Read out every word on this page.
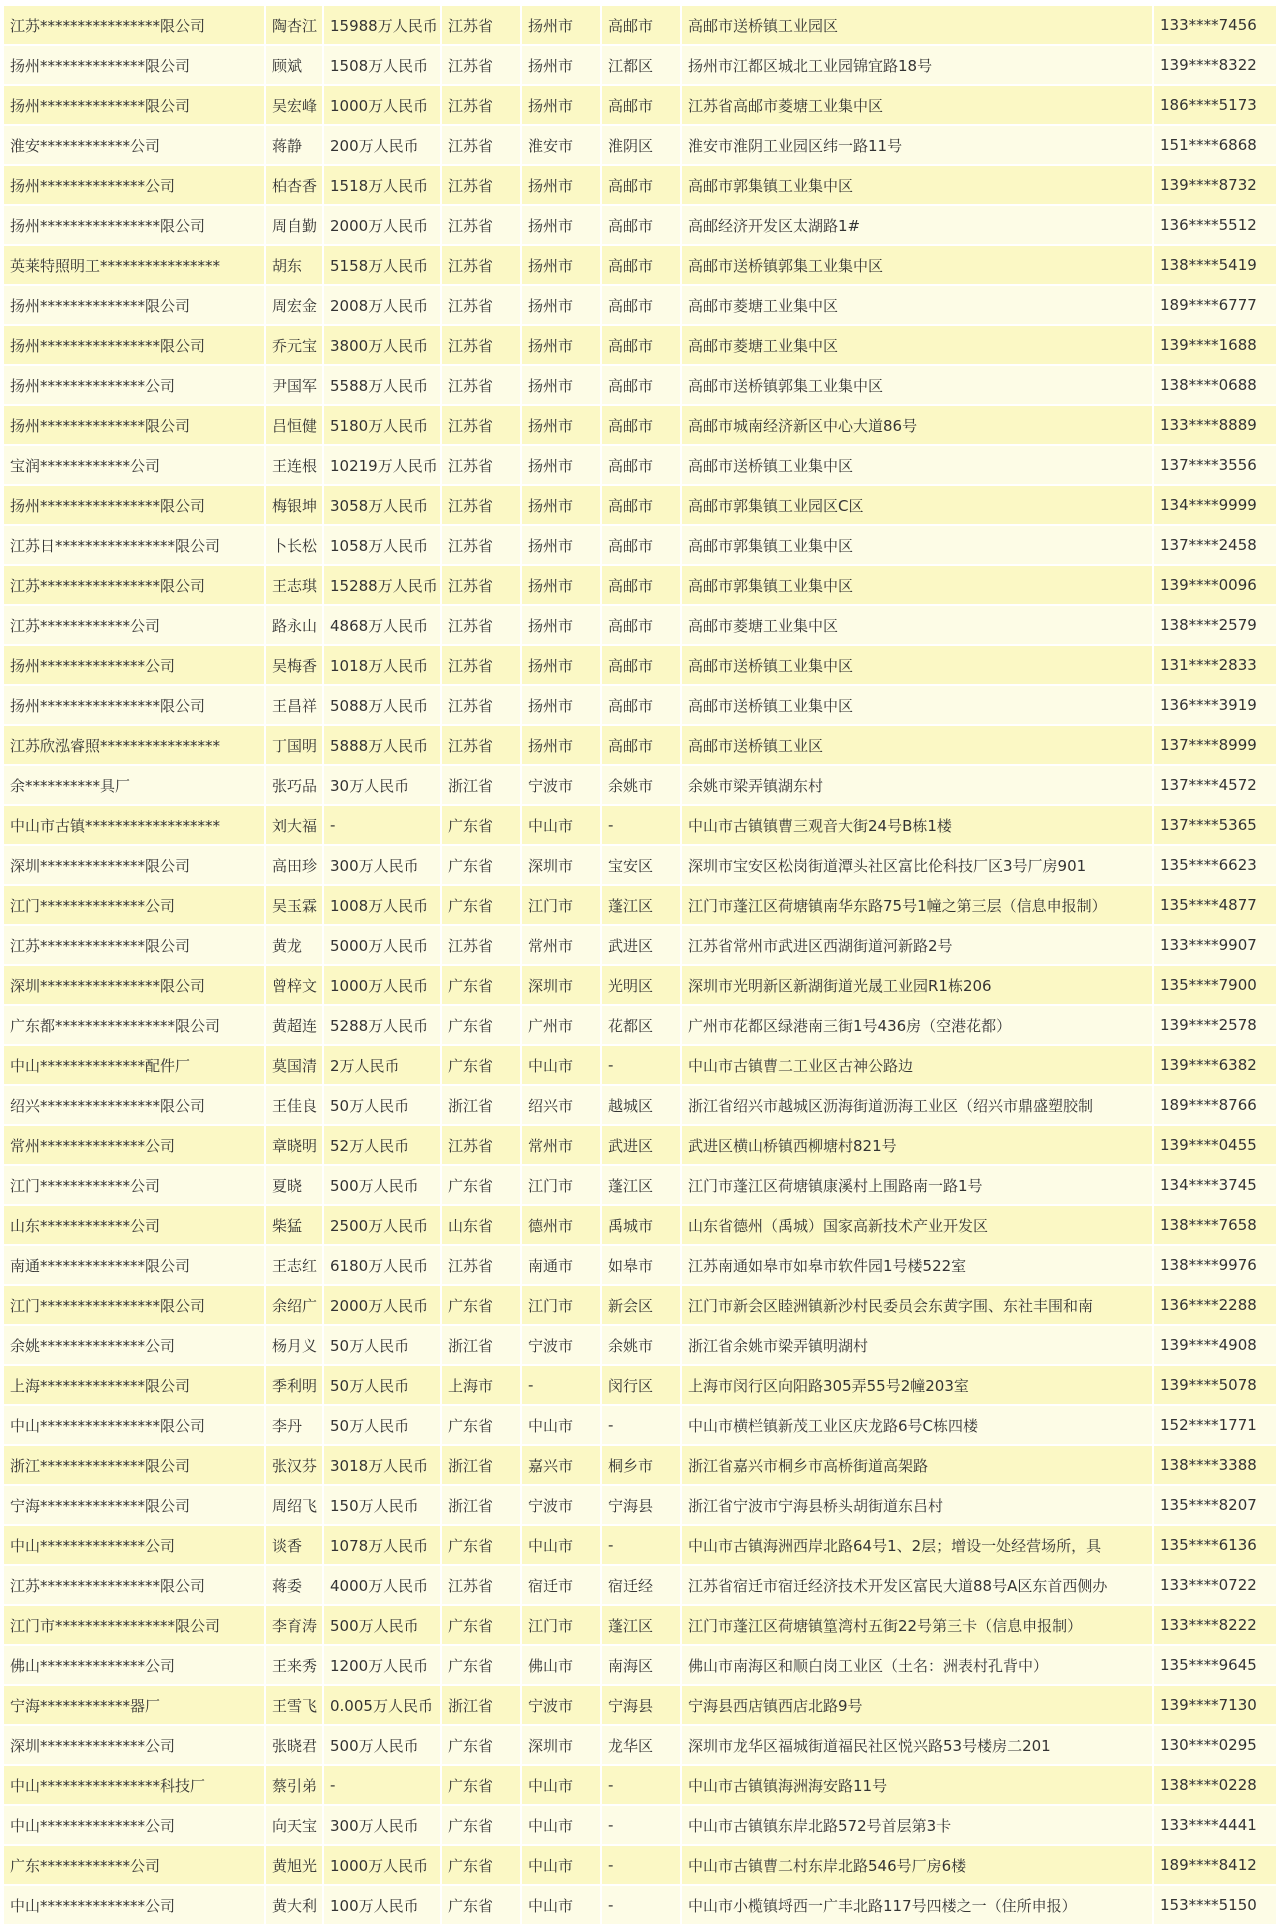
江苏****************限公司	陶杏江	15988万人民币	江苏省	扬州市	高邮市	高邮市送桥镇工业园区	133****7456
扬州**************限公司	顾斌	1508万人民币	江苏省	扬州市	江都区	扬州市江都区城北工业园锦宜路18号	139****8322
扬州**************限公司	吴宏峰	1000万人民币	江苏省	扬州市	高邮市	江苏省高邮市菱塘工业集中区	186****5173
淮安************公司	蒋静	200万人民币	江苏省	淮安市	淮阴区	淮安市淮阴工业园区纬一路11号	151****6868
扬州**************公司	柏杏香	1518万人民币	江苏省	扬州市	高邮市	高邮市郭集镇工业集中区	139****8732
扬州****************限公司	周自勤	2000万人民币	江苏省	扬州市	高邮市	高邮经济开发区太湖路1#	136****5512
英莱特照明工****************	胡东	5158万人民币	江苏省	扬州市	高邮市	高邮市送桥镇郭集工业集中区	138****5419
扬州**************限公司	周宏金	2008万人民币	江苏省	扬州市	高邮市	高邮市菱塘工业集中区	189****6777
扬州****************限公司	乔元宝	3800万人民币	江苏省	扬州市	高邮市	高邮市菱塘工业集中区	139****1688
扬州**************公司	尹国军	5588万人民币	江苏省	扬州市	高邮市	高邮市送桥镇郭集工业集中区	138****0688
扬州**************限公司	吕恒健	5180万人民币	江苏省	扬州市	高邮市	高邮市城南经济新区中心大道86号	133****8889
宝润************公司	王连根	10219万人民币	江苏省	扬州市	高邮市	高邮市送桥镇工业集中区	137****3556
扬州****************限公司	梅银坤	3058万人民币	江苏省	扬州市	高邮市	高邮市郭集镇工业园区C区	134****9999
江苏日****************限公司	卜长松	1058万人民币	江苏省	扬州市	高邮市	高邮市郭集镇工业集中区	137****2458
江苏****************限公司	王志琪	15288万人民币	江苏省	扬州市	高邮市	高邮市郭集镇工业集中区	139****0096
江苏************公司	路永山	4868万人民币	江苏省	扬州市	高邮市	高邮市菱塘工业集中区	138****2579
扬州**************公司	吴梅香	1018万人民币	江苏省	扬州市	高邮市	高邮市送桥镇工业集中区	131****2833
扬州****************限公司	王昌祥	5088万人民币	江苏省	扬州市	高邮市	高邮市送桥镇工业集中区	136****3919
江苏欣泓睿照****************	丁国明	5888万人民币	江苏省	扬州市	高邮市	高邮市送桥镇工业区	137****8999
余**********具厂	张巧品	30万人民币	浙江省	宁波市	余姚市	余姚市梁弄镇湖东村	137****4572
中山市古镇******************	刘大福	-	广东省	中山市	-	中山市古镇镇曹三观音大街24号B栋1楼	137****5365
深圳**************限公司	高田珍	300万人民币	广东省	深圳市	宝安区	深圳市宝安区松岗街道潭头社区富比伦科技厂区3号厂房901	135****6623
江门**************公司	吴玉霖	1008万人民币	广东省	江门市	蓬江区	江门市蓬江区荷塘镇南华东路75号1幢之第三层（信息申报制）	135****4877
江苏**************限公司	黄龙	5000万人民币	江苏省	常州市	武进区	江苏省常州市武进区西湖街道河新路2号	133****9907
深圳****************限公司	曾梓文	1000万人民币	广东省	深圳市	光明区	深圳市光明新区新湖街道光晟工业园R1栋206	135****7900
广东都****************限公司	黄超连	5288万人民币	广东省	广州市	花都区	广州市花都区绿港南三街1号436房（空港花都）	139****2578
中山**************配件厂	莫国清	2万人民币	广东省	中山市	-	中山市古镇曹二工业区古神公路边	139****6382
绍兴****************限公司	王佳良	50万人民币	浙江省	绍兴市	越城区	浙江省绍兴市越城区沥海街道沥海工业区（绍兴市鼎盛塑胶制	189****8766
常州**************公司	章晓明	52万人民币	江苏省	常州市	武进区	武进区横山桥镇西柳塘村821号	139****0455
江门************公司	夏晓	500万人民币	广东省	江门市	蓬江区	江门市蓬江区荷塘镇康溪村上围路南一路1号	134****3745
山东************公司	柴猛	2500万人民币	山东省	德州市	禹城市	山东省德州（禹城）国家高新技术产业开发区	138****7658
南通**************限公司	王志红	6180万人民币	江苏省	南通市	如皋市	江苏南通如皋市如皋市软件园1号楼522室	138****9976
江门****************限公司	余绍广	2000万人民币	广东省	江门市	新会区	江门市新会区睦洲镇新沙村民委员会东黄字围、东社丰围和南	136****2288
余姚**************公司	杨月义	50万人民币	浙江省	宁波市	余姚市	浙江省余姚市梁弄镇明湖村	139****4908
上海**************限公司	季利明	50万人民币	上海市	-	闵行区	上海市闵行区向阳路305弄55号2幢203室	139****5078
中山****************限公司	李丹	50万人民币	广东省	中山市	-	中山市横栏镇新茂工业区庆龙路6号C栋四楼	152****1771
浙江**************限公司	张汉芬	3018万人民币	浙江省	嘉兴市	桐乡市	浙江省嘉兴市桐乡市高桥街道高架路	138****3388
宁海**************限公司	周绍飞	150万人民币	浙江省	宁波市	宁海县	浙江省宁波市宁海县桥头胡街道东吕村	135****8207
中山**************公司	谈香	1078万人民币	广东省	中山市	-	中山市古镇海洲西岸北路64号1、2层；增设一处经营场所，具	135****6136
江苏****************限公司	蒋委	4000万人民币	江苏省	宿迁市	宿迁经	江苏省宿迁市宿迁经济技术开发区富民大道88号A区东首西侧办	133****0722
江门市****************限公司	李育涛	500万人民币	广东省	江门市	蓬江区	江门市蓬江区荷塘镇篁湾村五街22号第三卡（信息申报制）	133****8222
佛山**************公司	王来秀	1200万人民币	广东省	佛山市	南海区	佛山市南海区和顺白岗工业区（土名：洲表村孔背中）	135****9645
宁海************器厂	王雪飞	0.005万人民币	浙江省	宁波市	宁海县	宁海县西店镇西店北路9号	139****7130
深圳**************公司	张晓君	500万人民币	广东省	深圳市	龙华区	深圳市龙华区福城街道福民社区悦兴路53号楼房二201	130****0295
中山****************科技厂	蔡引弟	-	广东省	中山市	-	中山市古镇镇海洲海安路11号	138****0228
中山**************公司	向天宝	300万人民币	广东省	中山市	-	中山市古镇镇东岸北路572号首层第3卡	133****4441
广东************公司	黄旭光	1000万人民币	广东省	中山市	-	中山市古镇曹二村东岸北路546号厂房6楼	189****8412
中山**************公司	黄大利	100万人民币	广东省	中山市	-	中山市小榄镇埒西一广丰北路117号四楼之一（住所申报）	153****5150
